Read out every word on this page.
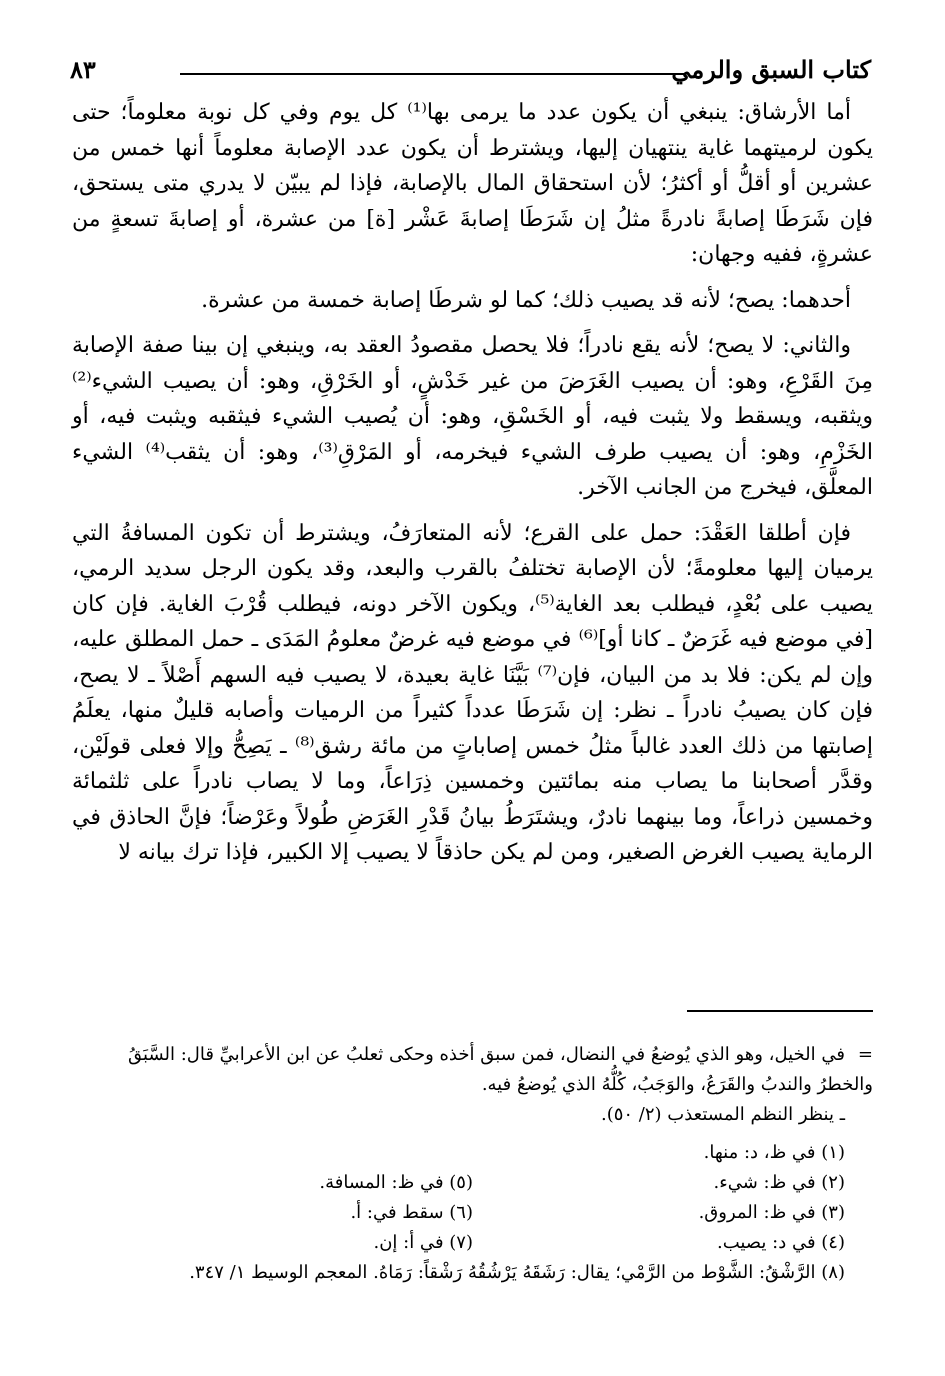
كتاب السبق والرمي
٨٣

أما الأرشاق: ينبغي أن يكون عدد ما يرمى بها⁽¹⁾ كل يوم وفي كل نوبة معلوماً؛ حتى يكون لرميتهما غاية ينتهيان إليها، ويشترط أن يكون عدد الإصابة معلوماً أنها خمس من عشرين أو أقلُّ أو أكثرُ؛ لأن استحقاق المال بالإصابة، فإذا لم يبيّن لا يدري متى يستحق، فإن شَرَطَا إصابةً نادرةً مثلُ إن شَرَطَا إصابةَ عَشْر [ة] من عشرة، أو إصابةَ تسعةٍ من عشرةٍ، ففيه وجهان:

أحدهما: يصح؛ لأنه قد يصيب ذلك؛ كما لو شرطَا إصابة خمسة من عشرة.

والثاني: لا يصح؛ لأنه يقع نادراً؛ فلا يحصل مقصودُ العقد به، وينبغي إن بينا صفة الإصابة مِنَ القَرْعِ، وهو: أن يصيب الغَرَضَ من غير خَدْشٍ، أو الخَرْقِ، وهو: أن يصيب الشيء⁽²⁾ ويثقبه، ويسقط ولا يثبت فيه، أو الخَسْقِ، وهو: أن يُصيب الشيء فيثقبه ويثبت فيه، أو الخَزْمِ، وهو: أن يصيب طرف الشيء فيخرمه، أو المَرْقِ⁽³⁾، وهو: أن يثقب⁽⁴⁾ الشيء المعلَّق، فيخرج من الجانب الآخر.

فإن أطلقا العَقْدَ: حمل على القرع؛ لأنه المتعارَفُ، ويشترط أن تكون المسافةُ التي يرميان إليها معلومةً؛ لأن الإصابة تختلفُ بالقرب والبعد، وقد يكون الرجل سديد الرمي، يصيب على بُعْدٍ، فيطلب بعد الغاية⁽⁵⁾، ويكون الآخر دونه، فيطلب قُرْبَ الغاية. فإن كان [في موضع فيه غَرَضٌ ـ كانا أو]⁽⁶⁾ في موضع فيه غرضٌ معلومُ المَدَى ـ حمل المطلق عليه، وإن لم يكن: فلا بد من البيان، فإن⁽⁷⁾ بَيَّنَا غاية بعيدة، لا يصيب فيه السهم أَصْلاً ـ لا يصح، فإن كان يصيبُ نادراً ـ نظر: إن شَرَطَا عدداً كثيراً من الرميات وأصابه قليلٌ منها، يعلَمُ إصابتها من ذلك العدد غالباً مثلُ خمس إصاباتٍ من مائة رشق⁽⁸⁾ ـ يَصِحُّ وإلا فعلى قولَيْن، وقدَّر أصحابنا ما يصاب منه بمائتين وخمسين ذِرَاعاً، وما لا يصاب نادراً على ثلثمائة وخمسين ذراعاً، وما بينهما نادرٌ، ويشتَرَطُ بيانُ قَدْرِ الغَرَضِ طُولاً وعَرْضاً؛ فإنَّ الحاذق في الرماية يصيب الغرض الصغير، ومن لم يكن حاذقاً لا يصيب إلا الكبير، فإذا ترك بيانه لا

=في الخيل، وهو الذي يُوضعُ في النضال، فمن سبق أخذه وحكى ثعلبُ عن ابن الأعرابيِّ قال: السَّبَقُ والخطرُ والندبُ والقَرَعُ، والوَجَبُ، كُلُّهُ الذي يُوضعُ فيه.
ـ ينظر النظم المستعذب (٢/ ٥٠).
(١) في ظ، د: منها.
(٢) في ظ: شيء.
(٥) في ظ: المسافة.
(٣) في ظ: المروق.
(٦) سقط في: أ.
(٤) في د: يصيب.
(٧) في أ: إن.
(٨) الرَّشْقُ: الشَّوْط من الرَّمْي؛ يقال: رَشَقَهُ يَرْشُقُهُ رَشْقاً: رَمَاهُ. المعجم الوسيط ١/ ٣٤٧.
